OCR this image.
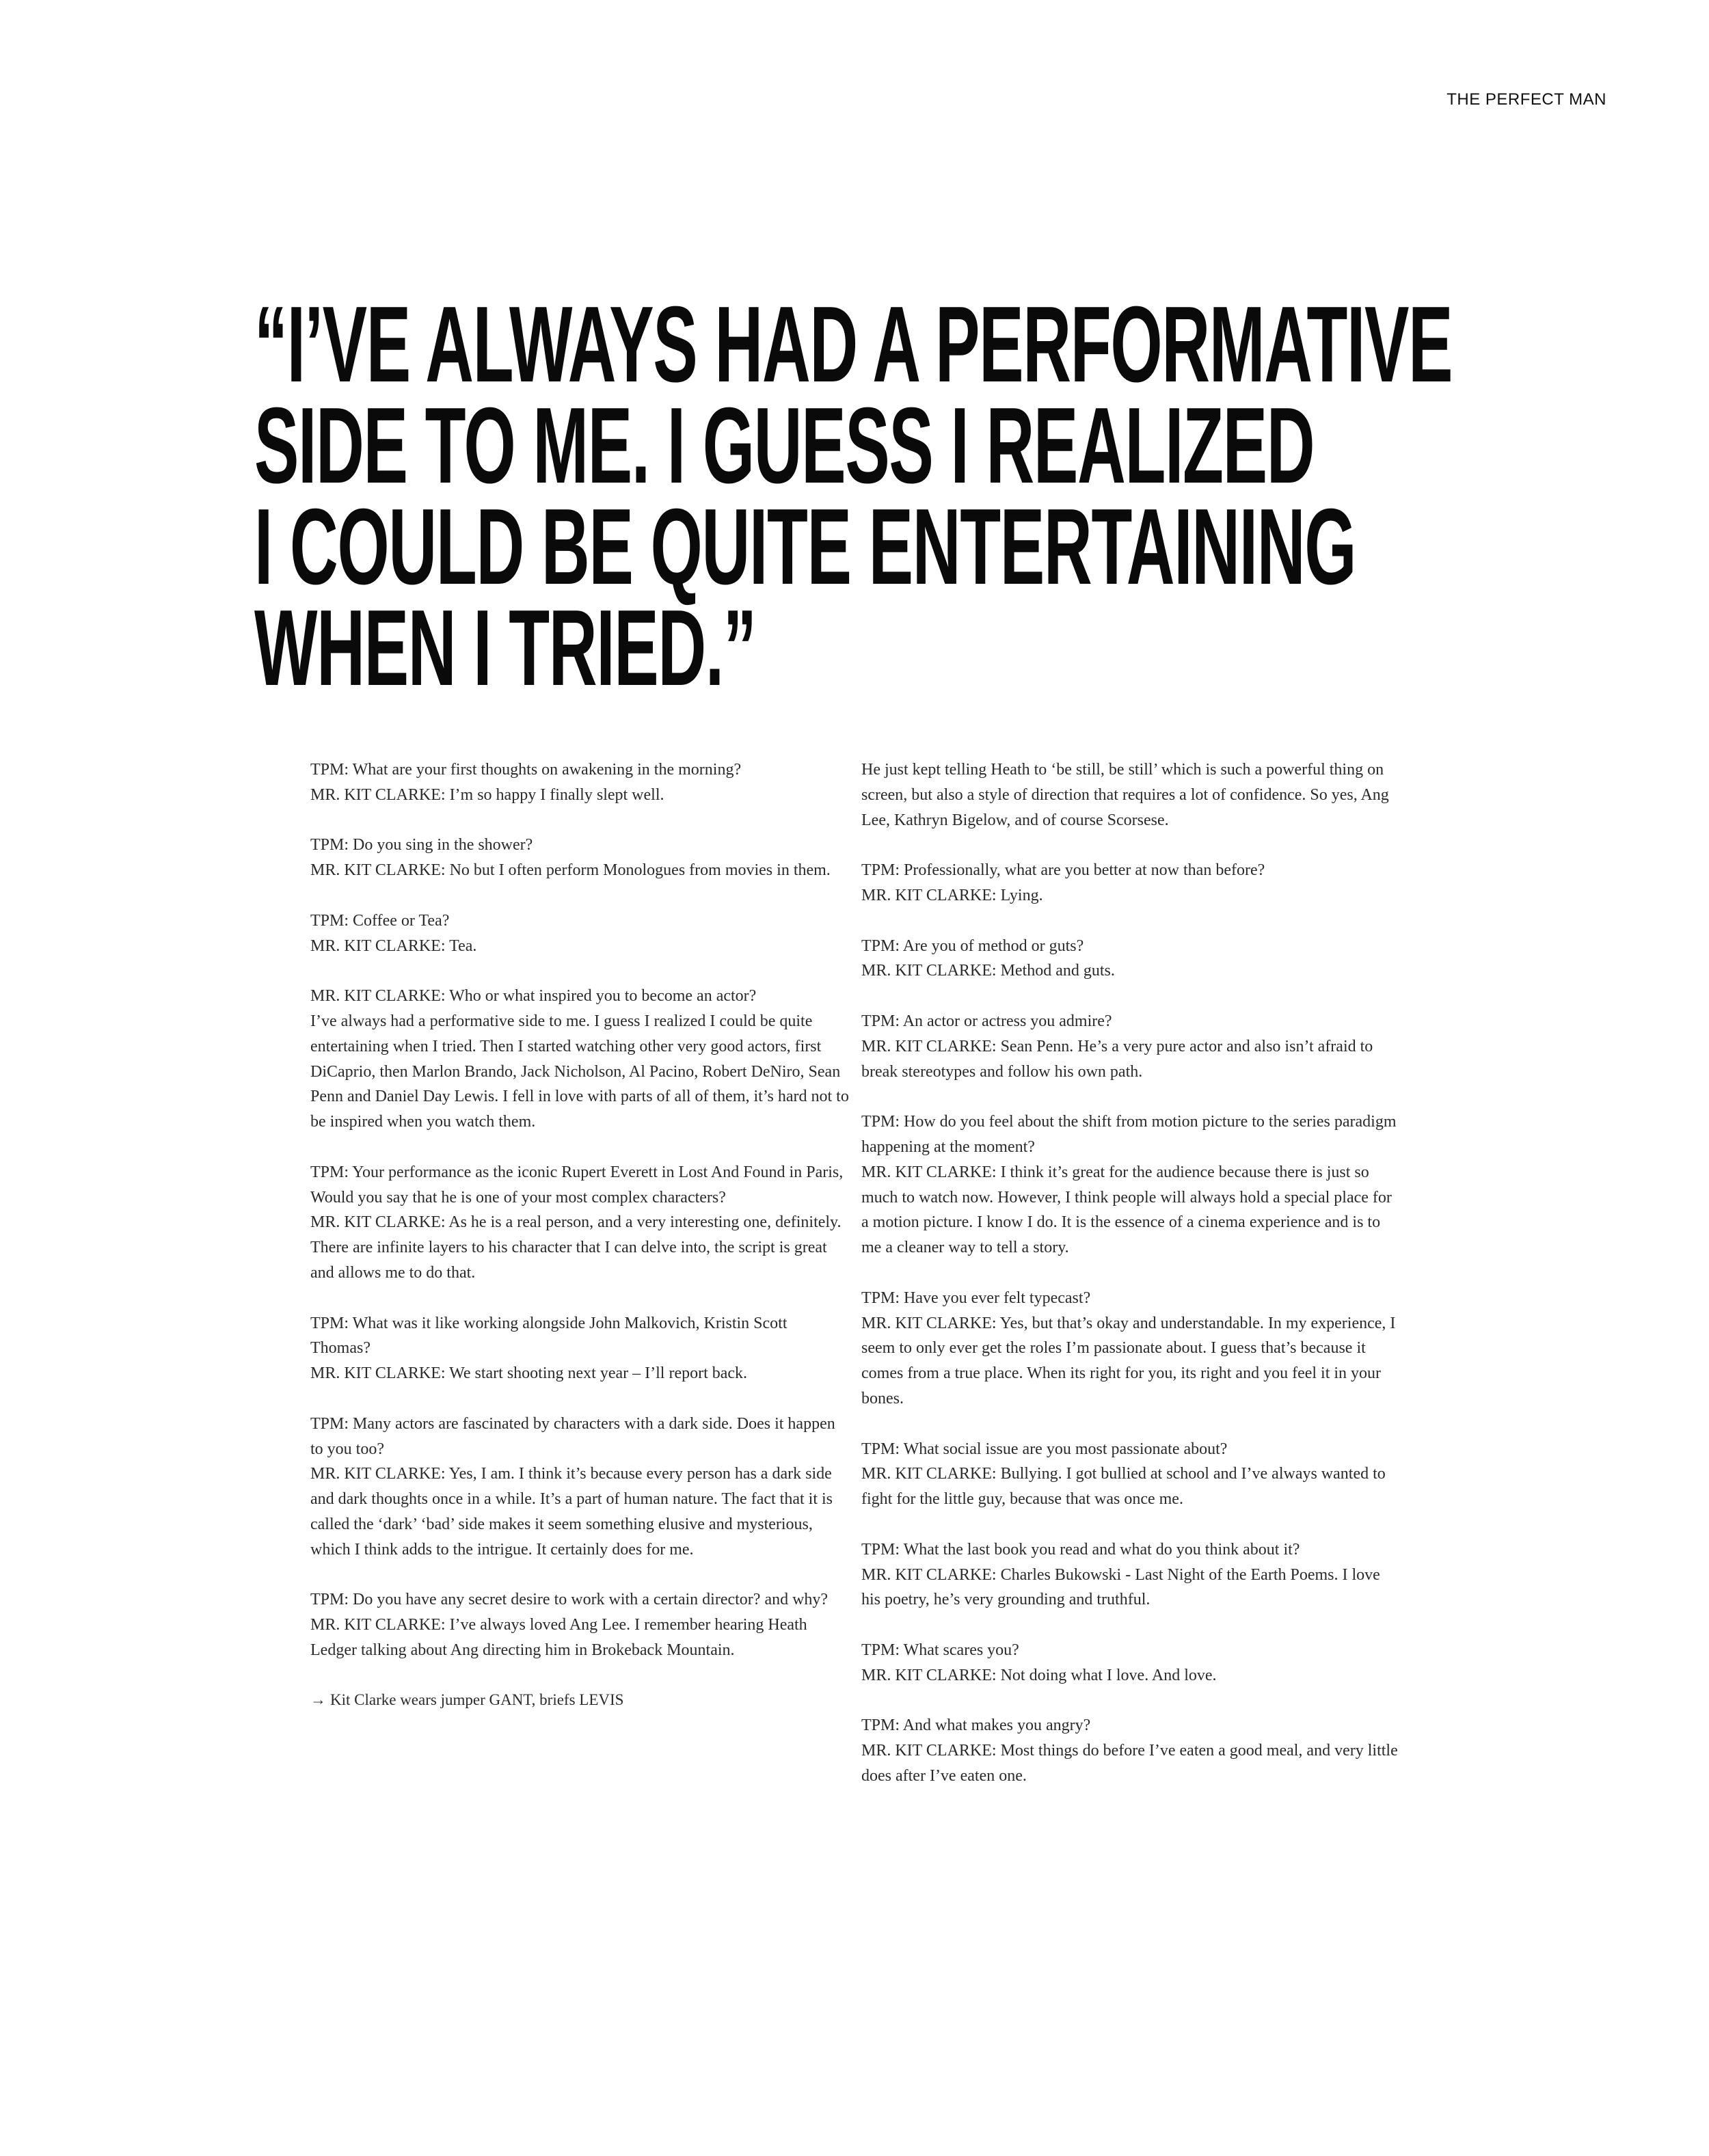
THE PERFECT MAN
“I’VE ALWAYS HAD A PERFORMATIVE
SIDE TO ME. I GUESS I REALIZED
I COULD BE QUITE ENTERTAINING
WHEN I TRIED.”

TPM: What are your first thoughts on awakening in the morning?

MR. KIT CLARKE: I’m so happy I finally slept well.

TPM: Do you sing in the shower?

MR. KIT CLARKE: No but I often perform Monologues from movies in them.

TPM: Coffee or Tea?

MR. KIT CLARKE: Tea.

MR. KIT CLARKE: Who or what inspired you to become an actor?

I’ve always had a performative side to me. I guess I realized I could be quite entertaining when I tried. Then I started watching other very good actors, first DiCaprio, then Marlon Brando, Jack Nicholson, Al Pacino, Robert DeNiro, Sean Penn and Daniel Day Lewis. I fell in love with parts of all of them, it’s hard not to be inspired when you watch them.

TPM: Your performance as the iconic Rupert Everett in Lost And Found in Paris, Would you say that he is one of your most complex characters?

MR. KIT CLARKE: As he is a real person, and a very interesting one, definitely. There are infinite layers to his character that I can delve into, the script is great and allows me to do that.

TPM: What was it like working alongside John Malkovich, Kristin Scott Thomas?

MR. KIT CLARKE: We start shooting next year – I’ll report back.

TPM: Many actors are fascinated by characters with a dark side. Does it happen to you too?

MR. KIT CLARKE: Yes, I am. I think it’s because every person has a dark side and dark thoughts once in a while. It’s a part of human nature. The fact that it is called the ‘dark’ ‘bad’ side makes it seem something elusive and mysterious, which I think adds to the intrigue. It certainly does for me.

TPM: Do you have any secret desire to work with a certain director? and why?

MR. KIT CLARKE: I’ve always loved Ang Lee. I remember hearing Heath Ledger talking about Ang directing him in Brokeback Mountain.

→ Kit Clarke wears jumper GANT, briefs LEVIS

He just kept telling Heath to ‘be still, be still’ which is such a powerful thing on screen, but also a style of direction that requires a lot of confidence. So yes, Ang Lee, Kathryn Bigelow, and of course Scorsese.

TPM: Professionally, what are you better at now than before?

MR. KIT CLARKE: Lying.

TPM: Are you of method or guts?

MR. KIT CLARKE: Method and guts.

TPM: An actor or actress you admire?

MR. KIT CLARKE: Sean Penn. He’s a very pure actor and also isn’t afraid to break stereotypes and follow his own path.

TPM: How do you feel about the shift from motion picture to the series paradigm happening at the moment?

MR. KIT CLARKE: I think it’s great for the audience because there is just so much to watch now. However, I think people will always hold a special place for a motion picture. I know I do. It is the essence of a cinema experience and is to me a cleaner way to tell a story.

TPM: Have you ever felt typecast?

MR. KIT CLARKE: Yes, but that’s okay and understandable. In my experience, I seem to only ever get the roles I’m passionate about. I guess that’s because it comes from a true place. When its right for you, its right and you feel it in your bones.

TPM: What social issue are you most passionate about?

MR. KIT CLARKE: Bullying. I got bullied at school and I’ve always wanted to fight for the little guy, because that was once me.

TPM: What the last book you read and what do you think about it?

MR. KIT CLARKE: Charles Bukowski - Last Night of the Earth Poems. I love his poetry, he’s very grounding and truthful.

TPM: What scares you?

MR. KIT CLARKE: Not doing what I love. And love.

TPM: And what makes you angry?

MR. KIT CLARKE: Most things do before I’ve eaten a good meal, and very little does after I’ve eaten one.
